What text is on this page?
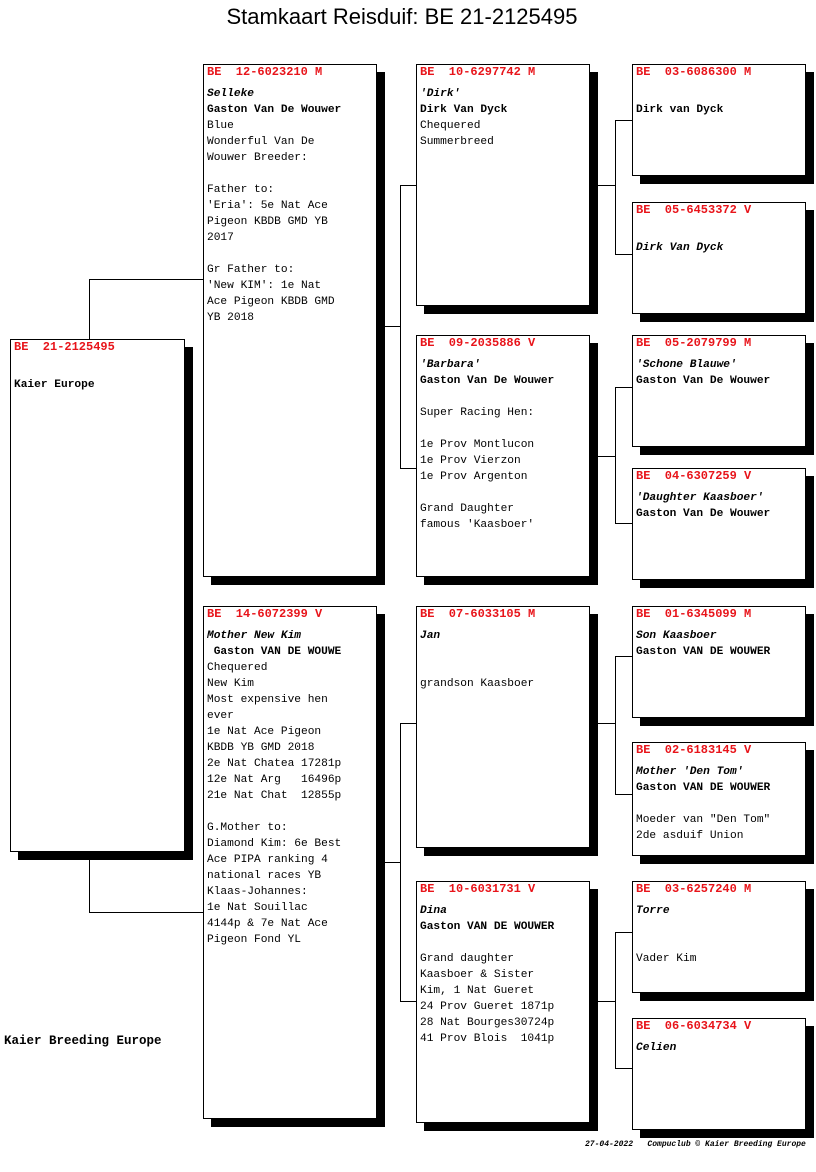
Stamkaart Reisduif: BE 21-2125495
BE  21-2125495
Kaier Europe
BE  12-6023210 M
Selleke
Gaston Van De Wouwer
Blue
Wonderful Van De
Wouwer Breeder:
Father to:
'Eria': 5e Nat Ace
Pigeon KBDB GMD YB
2017
Gr Father to:
'New KIM': 1e Nat
Ace Pigeon KBDB GMD
YB 2018
BE  14-6072399 V
Mother New Kim
Gaston VAN DE WOUWE
Chequered
New Kim
Most expensive hen
ever
1e Nat Ace Pigeon
KBDB YB GMD 2018
2e Nat Chatea 17281p
12e Nat Arg   16496p
21e Nat Chat  12855p
G.Mother to:
Diamond Kim: 6e Best
Ace PIPA ranking 4
national races YB
Klaas-Johannes:
1e Nat Souillac
4144p & 7e Nat Ace
Pigeon Fond YL
BE  10-6297742 M
'Dirk'
Dirk Van Dyck
Chequered
Summerbreed
BE  09-2035886 V
'Barbara'
Gaston Van De Wouwer
Super Racing Hen:
1e Prov Montlucon
1e Prov Vierzon
1e Prov Argenton
Grand Daughter
famous 'Kaasboer'
BE  07-6033105 M
Jan
grandson Kaasboer
BE  10-6031731 V
Dina
Gaston VAN DE WOUWER
Grand daughter
Kaasboer & Sister
Kim, 1 Nat Gueret
24 Prov Gueret 1871p
28 Nat Bourges30724p
41 Prov Blois  1041p
BE  03-6086300 M
Dirk van Dyck
BE  05-6453372 V
Dirk Van Dyck
BE  05-2079799 M
'Schone Blauwe'
Gaston Van De Wouwer
BE  04-6307259 V
'Daughter Kaasboer'
Gaston Van De Wouwer
BE  01-6345099 M
Son Kaasboer
Gaston VAN DE WOUWER
BE  02-6183145 V
Mother 'Den Tom'
Gaston VAN DE WOUWER
Moeder van "Den Tom"
2de asduif Union
BE  03-6257240 M
Torre
Vader Kim
BE  06-6034734 V
Celien
Kaier Breeding Europe
27-04-2022 Compuclub © Kaier Breeding Europe
